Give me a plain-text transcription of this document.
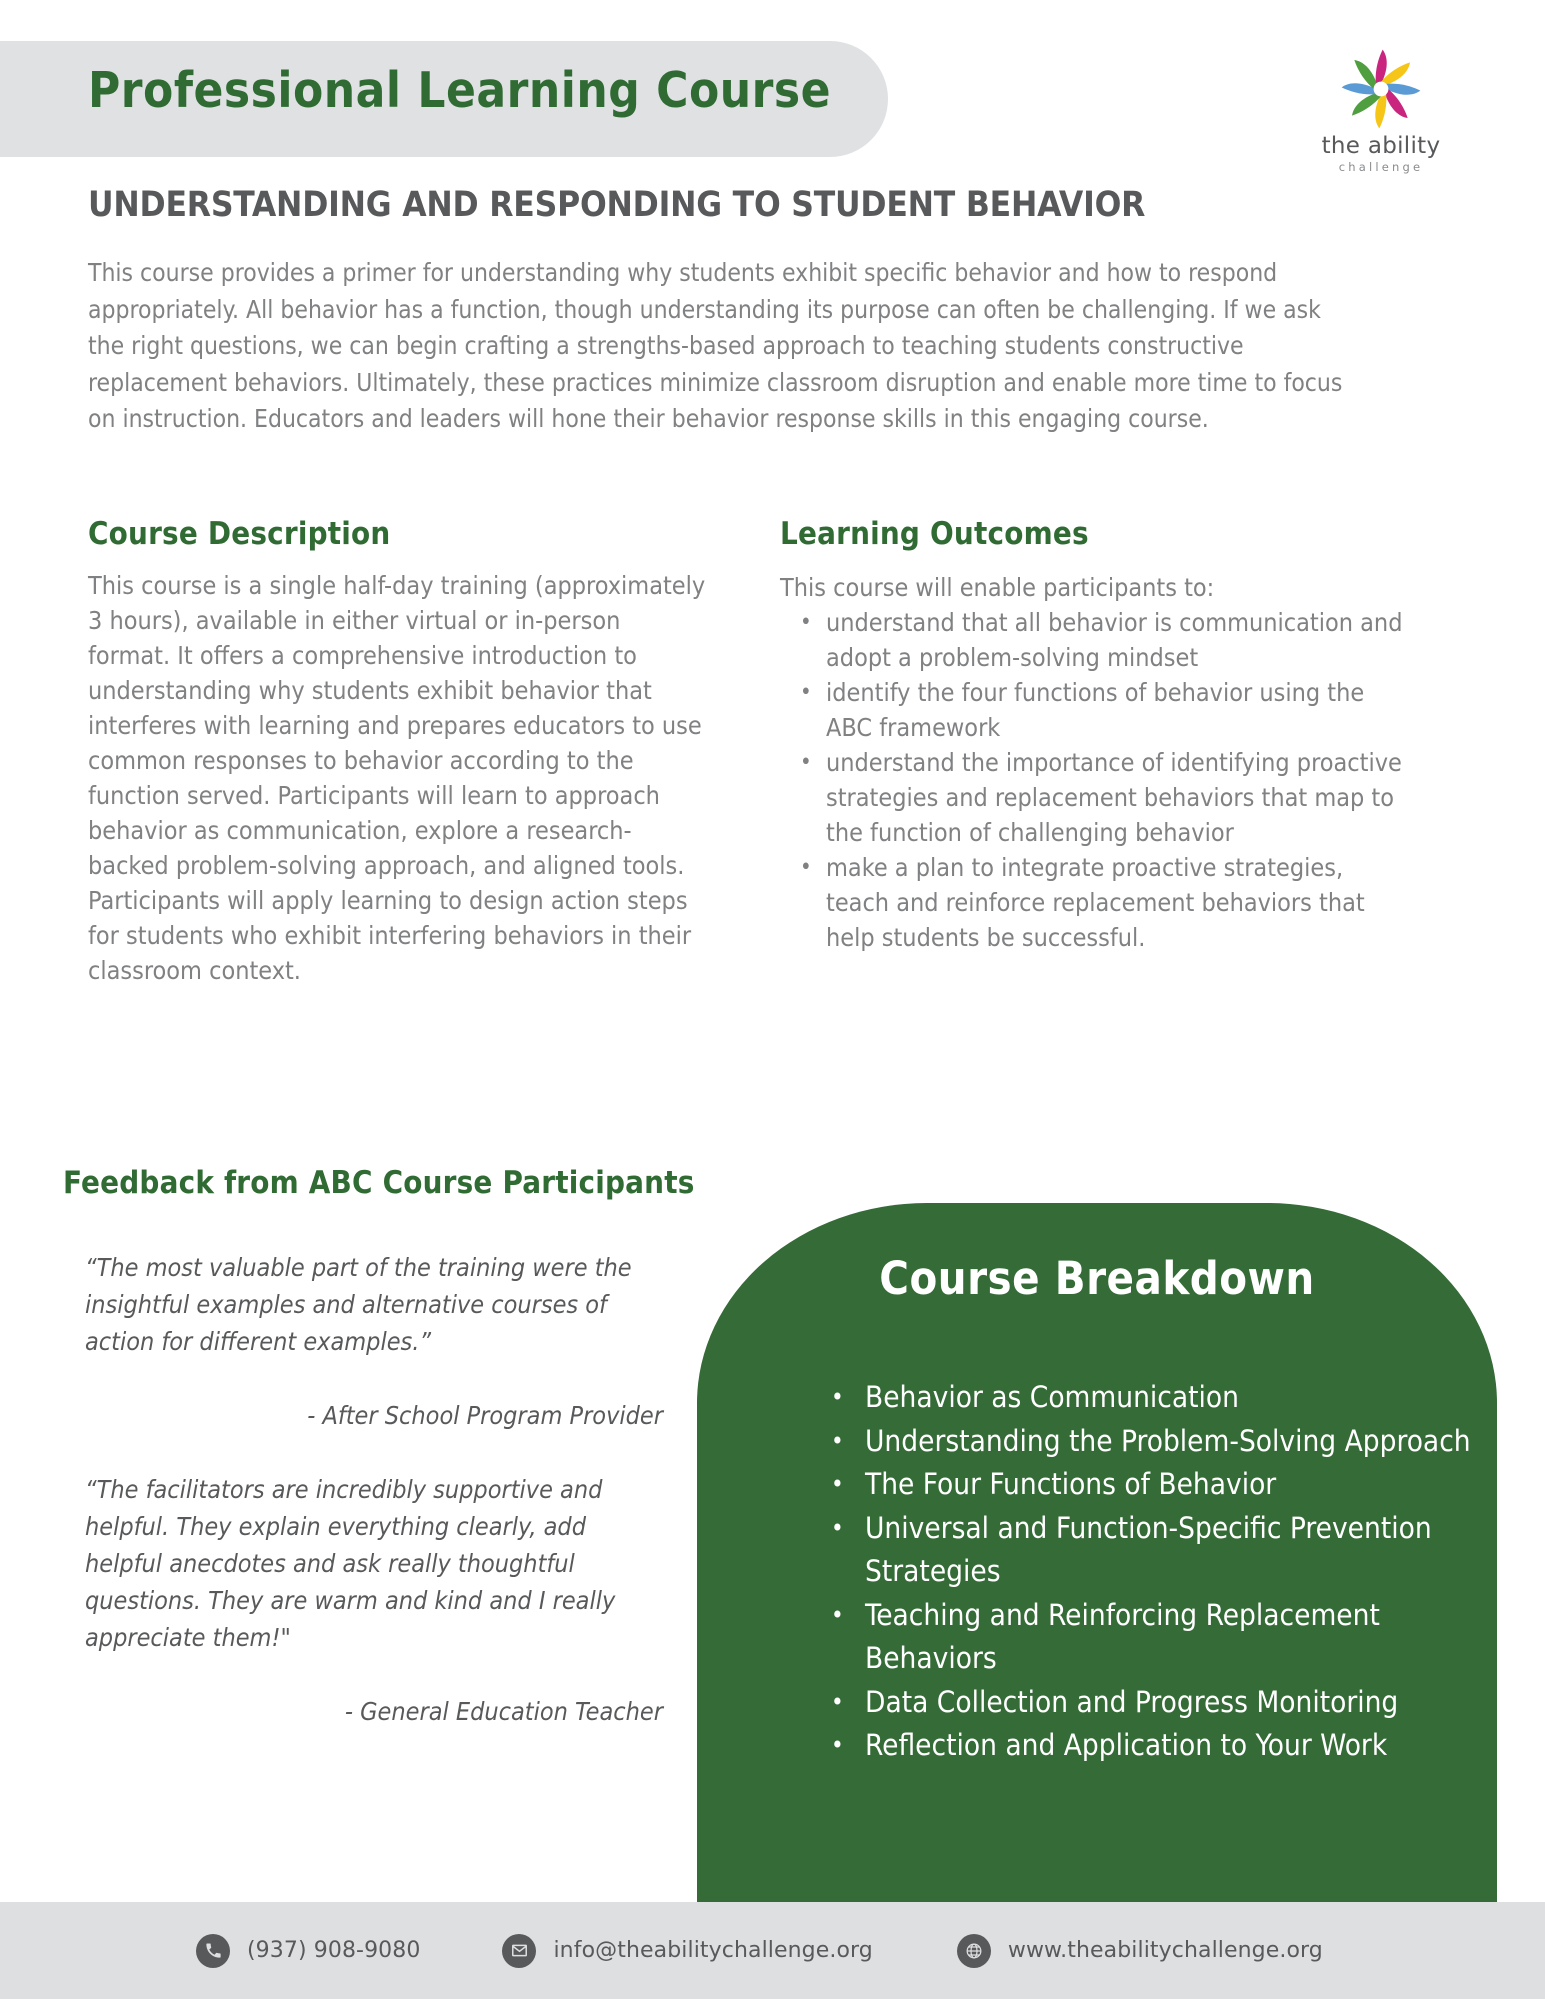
Professional Learning Course
the ability
challenge
UNDERSTANDING AND RESPONDING TO STUDENT BEHAVIOR
This course provides a primer for understanding why students exhibit specific behavior and how to respond appropriately. All behavior has a function, though understanding its purpose can often be challenging. If we ask the right questions, we can begin crafting a strengths-based approach to teaching students constructive replacement behaviors. Ultimately, these practices minimize classroom disruption and enable more time to focus on instruction. Educators and leaders will hone their behavior response skills in this engaging course.
Course Description

This course is a single half-day training (approximately 3 hours), available in either virtual or in-person format. It offers a comprehensive introduction to understanding why students exhibit behavior that interferes with learning and prepares educators to use common responses to behavior according to the function served. Participants will learn to approach behavior as communication, explore a research-backed problem-solving approach, and aligned tools. Participants will apply learning to design action steps for students who exhibit interfering behaviors in their classroom context.

Learning Outcomes

This course will enable participants to:

• understand that all behavior is communication and adopt a problem-solving mindset
• identify the four functions of behavior using the ABC framework
• understand the importance of identifying proactive strategies and replacement behaviors that map to the function of challenging behavior
• make a plan to integrate proactive strategies, teach and reinforce replacement behaviors that help students be successful.
Feedback from ABC Course Participants

“The most valuable part of the training were the insightful examples and alternative courses of action for different examples.”

- After School Program Provider

“The facilitators are incredibly supportive and helpful. They explain everything clearly, add helpful anecdotes and ask really thoughtful questions. They are warm and kind and I really appreciate them!"

- General Education Teacher

Course Breakdown
• Behavior as Communication
• Understanding the Problem-Solving Approach
• The Four Functions of Behavior
• Universal and Function-Specific Prevention Strategies
• Teaching and Reinforcing Replacement Behaviors
• Data Collection and Progress Monitoring
• Reflection and Application to Your Work
(937) 908-9080	info@theabilitychallenge.org	www.theabilitychallenge.org
